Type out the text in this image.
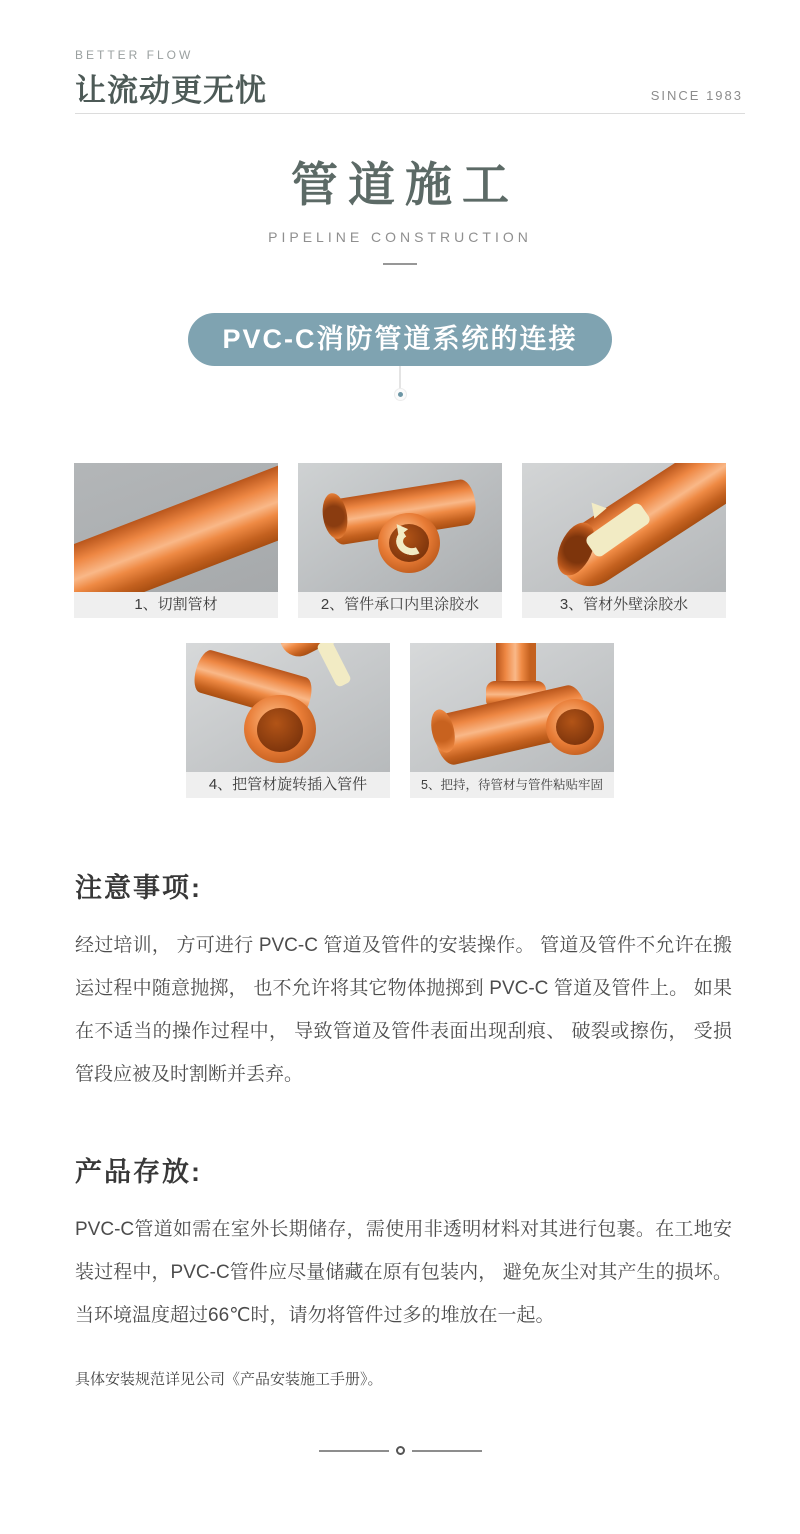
BETTER FLOW
让流动更无忧	SINCE 1983
管道施工
PIPELINE CONSTRUCTION
PVC-C消防管道系统的连接
1、切割管材	2、管件承口内里涂胶水	3、管材外壁涂胶水
4、把管材旋转插入管件	5、把持，待管材与管件粘贴牢固
注意事项:
经过培训， 方可进行 PVC-C 管道及管件的安装操作。 管道及管件不允许在搬运过程中随意抛掷， 也不允许将其它物体抛掷到 PVC-C 管道及管件上。 如果在不适当的操作过程中， 导致管道及管件表面出现刮痕、 破裂或擦伤， 受损管段应被及时割断并丢弃。
产品存放:
PVC-C管道如需在室外长期储存，需使用非透明材料对其进行包裹。在工地安装过程中，PVC-C管件应尽量储藏在原有包装内， 避免灰尘对其产生的损坏。当环境温度超过66℃时，请勿将管件过多的堆放在一起。
具体安装规范详见公司《产品安装施工手册》。
